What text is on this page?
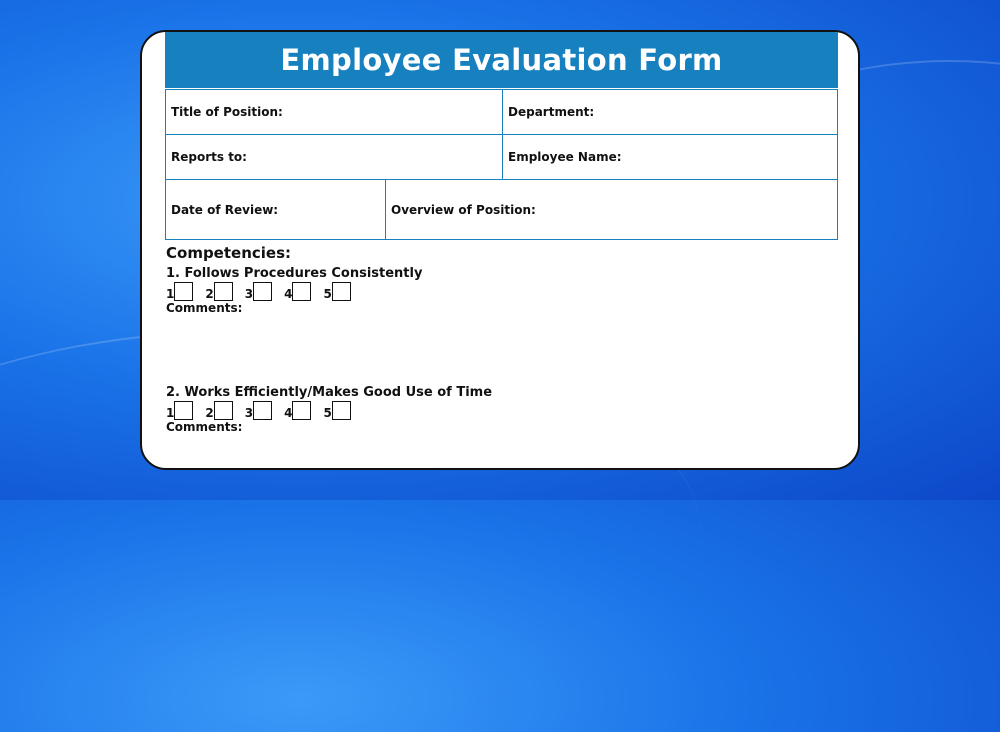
Employee Evaluation Form
Title of Position:	Department:
Reports to:	Employee Name:
Date of Review:	Overview of Position:
Competencies:
1. Follows Procedures Consistently
1	2	3	4	5
Comments:
2. Works Efficiently/Makes Good Use of Time
1	2	3	4	5
Comments:
